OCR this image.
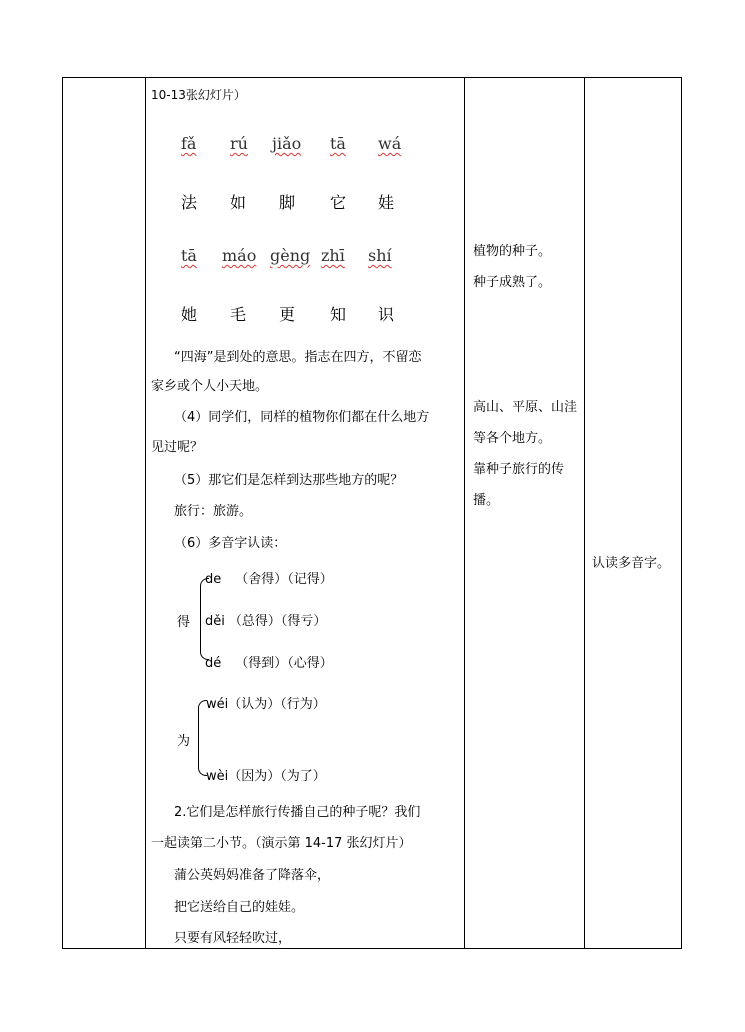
10-13张幻灯片）
fǎ rú jiǎo tā wá
法 如 脚 它 娃
tā máo gèng zhī shí
她 毛 更 知 识
“四海”是到处的意思。指志在四方，不留恋
家乡或个人小天地。
（4）同学们，同样的植物你们都在什么地方
见过呢？
（5）那它们是怎样到达那些地方的呢？
旅行：旅游。
（6）多音字认读：
得
de （舍得）（记得）
děi （总得）（得亏）
dé （得到）（心得）
为
wéi（认为）（行为）
wèi（因为）（为了）
2.它们是怎样旅行传播自己的种子呢？我们
一起读第二小节。（演示第 14-17 张幻灯片）
蒲公英妈妈准备了降落伞，
把它送给自己的娃娃。
只要有风轻轻吹过，
植物的种子。
种子成熟了。
高山、平原、山洼
等各个地方。
靠种子旅行的传
播。
认读多音字。
